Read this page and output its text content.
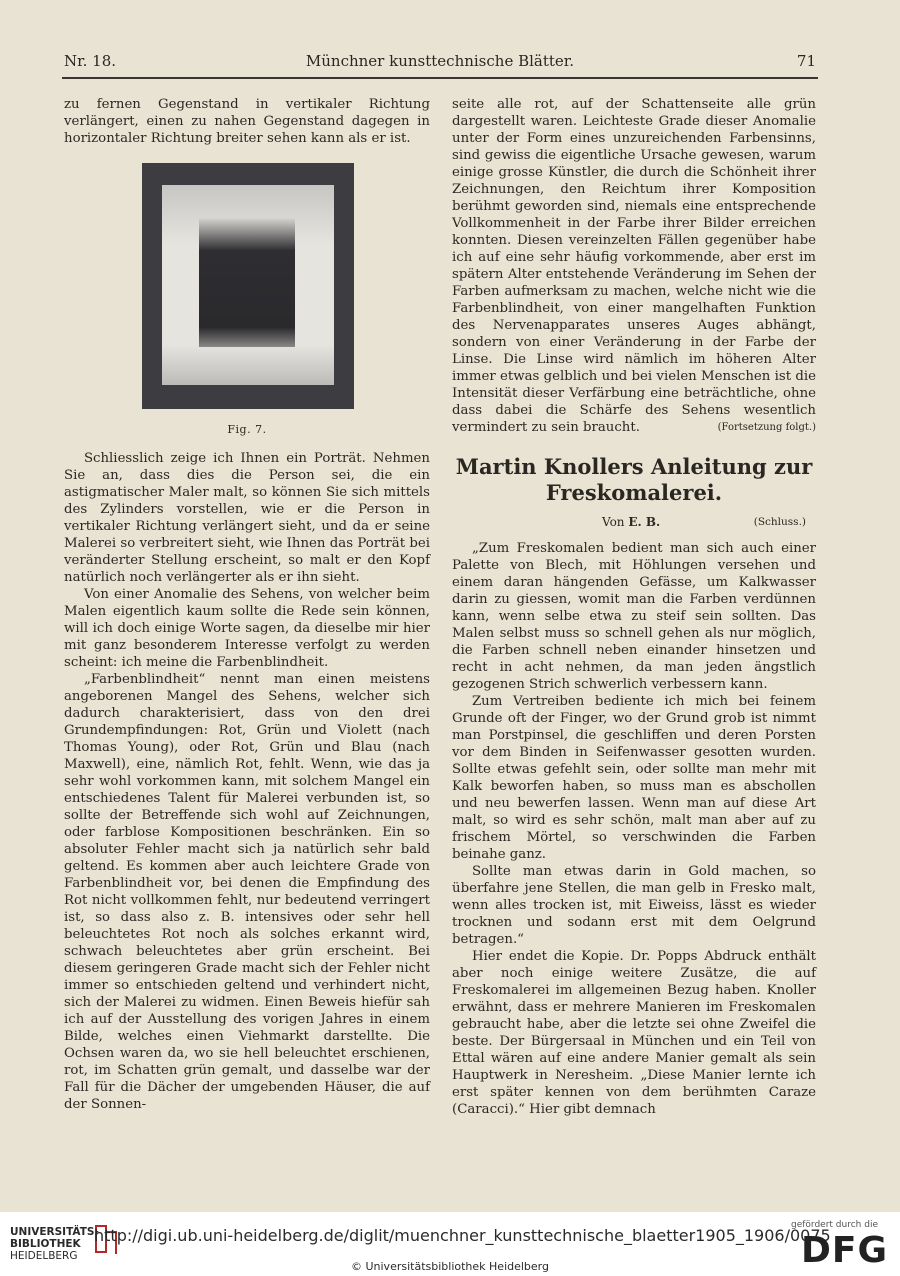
Nr. 18.	Münchner kunsttechnische Blätter.	71

zu fernen Gegenstand in vertikaler Richtung verlängert, einen zu nahen Gegenstand dagegen in horizontaler Richtung breiter sehen kann als er ist.

Fig. 7.

Schliesslich zeige ich Ihnen ein Porträt. Nehmen Sie an, dass dies die Person sei, die ein astigmatischer Maler malt, so können Sie sich mittels des Zylinders vorstellen, wie er die Person in vertikaler Richtung verlängert sieht, und da er seine Malerei so verbreitert sieht, wie Ihnen das Porträt bei veränderter Stellung erscheint, so malt er den Kopf natürlich noch verlängerter als er ihn sieht.

Von einer Anomalie des Sehens, von welcher beim Malen eigentlich kaum sollte die Rede sein können, will ich doch einige Worte sagen, da dieselbe mir hier mit ganz besonderem Interesse verfolgt zu werden scheint: ich meine die Farbenblindheit.

„Farbenblindheit“ nennt man einen meistens angeborenen Mangel des Sehens, welcher sich dadurch charakterisiert, dass von den drei Grundempfindungen: Rot, Grün und Violett (nach Thomas Young), oder Rot, Grün und Blau (nach Maxwell), eine, nämlich Rot, fehlt. Wenn, wie das ja sehr wohl vorkommen kann, mit solchem Mangel ein entschiedenes Talent für Malerei verbunden ist, so sollte der Betreffende sich wohl auf Zeichnungen, oder farblose Kompositionen beschränken. Ein so absoluter Fehler macht sich ja natürlich sehr bald geltend. Es kommen aber auch leichtere Grade von Farbenblindheit vor, bei denen die Empfindung des Rot nicht vollkommen fehlt, nur bedeutend verringert ist, so dass also z. B. intensives oder sehr hell beleuchtetes Rot noch als solches erkannt wird, schwach beleuchtetes aber grün erscheint. Bei diesem geringeren Grade macht sich der Fehler nicht immer so entschieden geltend und verhindert nicht, sich der Malerei zu widmen. Einen Beweis hiefür sah ich auf der Ausstellung des vorigen Jahres in einem Bilde, welches einen Viehmarkt darstellte. Die Ochsen waren da, wo sie hell beleuchtet erschienen, rot, im Schatten grün gemalt, und dasselbe war der Fall für die Dächer der umgebenden Häuser, die auf der Sonnen-

seite alle rot, auf der Schattenseite alle grün dargestellt waren. Leichteste Grade dieser Anomalie unter der Form eines unzureichenden Farbensinns, sind gewiss die eigentliche Ursache gewesen, warum einige grosse Künstler, die durch die Schönheit ihrer Zeichnungen, den Reichtum ihrer Komposition berühmt geworden sind, niemals eine entsprechende Vollkommenheit in der Farbe ihrer Bilder erreichen konnten. Diesen vereinzelten Fällen gegenüber habe ich auf eine sehr häufig vorkommende, aber erst im spätern Alter entstehende Veränderung im Sehen der Farben aufmerksam zu machen, welche nicht wie die Farbenblindheit, von einer mangelhaften Funktion des Nervenapparates unseres Auges abhängt, sondern von einer Veränderung in der Farbe der Linse. Die Linse wird nämlich im höheren Alter immer etwas gelblich und bei vielen Menschen ist die Intensität dieser Verfärbung eine beträchtliche, ohne dass dabei die Schärfe des Sehens wesentlich vermindert zu sein braucht.	(Fortsetzung folgt.)

Martin Knollers Anleitung zur Freskomalerei.
Von E. B.	(Schluss.)

„Zum Freskomalen bedient man sich auch einer Palette von Blech, mit Höhlungen versehen und einem daran hängenden Gefässe, um Kalkwasser darin zu giessen, womit man die Farben verdünnen kann, wenn selbe etwa zu steif sein sollten. Das Malen selbst muss so schnell gehen als nur möglich, die Farben schnell neben einander hinsetzen und recht in acht nehmen, da man jeden ängstlich gezogenen Strich schwerlich verbessern kann.

Zum Vertreiben bediente ich mich bei feinem Grunde oft der Finger, wo der Grund grob ist nimmt man Porstpinsel, die geschliffen und deren Porsten vor dem Binden in Seifenwasser gesotten wurden. Sollte etwas gefehlt sein, oder sollte man mehr mit Kalk beworfen haben, so muss man es abschollen und neu bewerfen lassen. Wenn man auf diese Art malt, so wird es sehr schön, malt man aber auf zu frischem Mörtel, so verschwinden die Farben beinahe ganz.

Sollte man etwas darin in Gold machen, so überfahre jene Stellen, die man gelb in Fresko malt, wenn alles trocken ist, mit Eiweiss, lässt es wieder trocknen und sodann erst mit dem Oelgrund betragen.“

Hier endet die Kopie. Dr. Popps Abdruck enthält aber noch einige weitere Zusätze, die auf Freskomalerei im allgemeinen Bezug haben. Knoller erwähnt, dass er mehrere Manieren im Freskomalen gebraucht habe, aber die letzte sei ohne Zweifel die beste. Der Bürgersaal in München und ein Teil von Ettal wären auf eine andere Manier gemalt als sein Hauptwerk in Neresheim. „Diese Manier lernte ich erst später kennen von dem berühmten Caraze (Caracci).“ Hier gibt demnach

UNIVERSITÄTS-
BIBLIOTHEK
HEIDELBERG
http://digi.ub.uni-heidelberg.de/diglit/muenchner_kunsttechnische_blaetter1905_1906/0075
© Universitätsbibliothek Heidelberg
gefördert durch die
DFG
